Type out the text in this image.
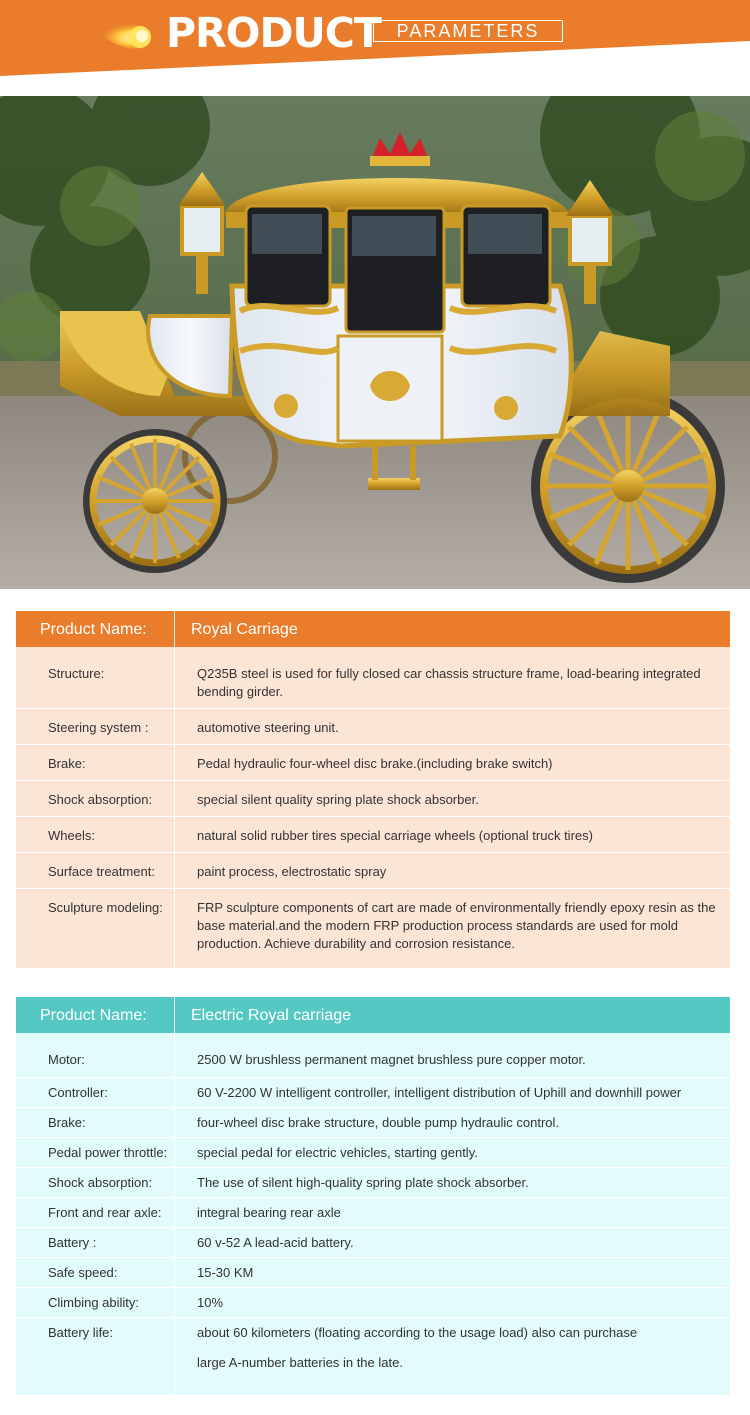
PRODUCT PARAMETERS
Product Name:	Royal Carriage
Structure:	Q235B steel is used for fully closed car chassis structure frame, load-bearing integrated bending girder.
Steering system :	automotive steering unit.
Brake:	Pedal hydraulic four-wheel disc brake.(including brake switch)
Shock absorption:	special silent quality spring plate shock absorber.
Wheels:	natural solid rubber tires special carriage wheels (optional truck tires)
Surface treatment:	paint process, electrostatic spray
Sculpture modeling:	FRP sculpture components of cart are made of environmentally friendly epoxy resin as the base material.and the modern FRP production process standards are used for mold production. Achieve durability and corrosion resistance.
Product Name:	Electric Royal carriage
Motor:	2500 W brushless permanent magnet brushless pure copper motor.
Controller:	60 V-2200 W intelligent controller, intelligent distribution of Uphill and downhill power
Brake:	four-wheel disc brake structure, double pump hydraulic control.
Pedal power throttle:	special pedal for electric vehicles, starting gently.
Shock absorption:	The use of silent high-quality spring plate shock absorber.
Front and rear axle:	integral bearing rear axle
Battery :	60 v-52 A lead-acid battery.
Safe speed:	15-30 KM
Climbing ability:	10%
Battery life:	about 60 kilometers (floating according to the usage load) also can purchase
large A-number batteries in the late.
